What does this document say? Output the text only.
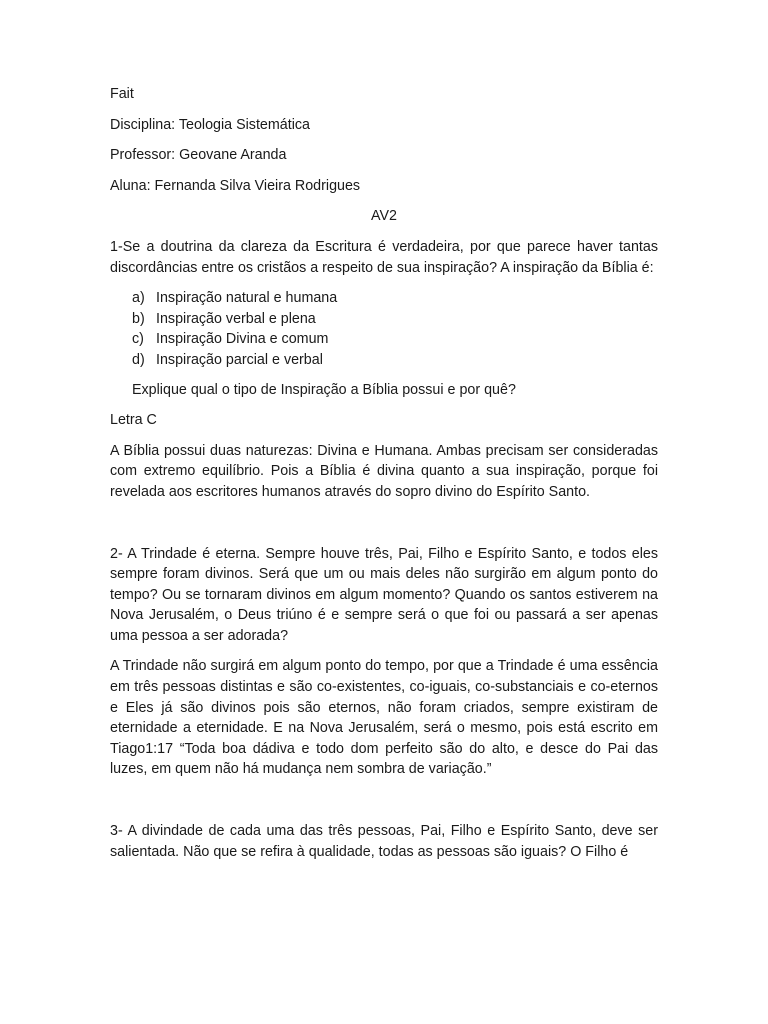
Fait

Disciplina: Teologia Sistemática

Professor: Geovane Aranda

Aluna: Fernanda Silva Vieira Rodrigues

AV2

1-Se a doutrina da clareza da Escritura é verdadeira, por que parece haver tantas discordâncias entre os cristãos a respeito de sua inspiração? A inspiração da Bíblia é:

a) Inspiração natural e humana
b) Inspiração verbal e plena
c) Inspiração Divina e comum
d) Inspiração parcial e verbal

Explique qual o tipo de Inspiração a Bíblia possui e por quê?

Letra C

A Bíblia possui duas naturezas: Divina e Humana. Ambas precisam ser consideradas com extremo equilíbrio. Pois a Bíblia é divina quanto a sua inspiração, porque foi revelada aos escritores humanos através do sopro divino do Espírito Santo.

2- A Trindade é eterna. Sempre houve três, Pai, Filho e Espírito Santo, e todos eles sempre foram divinos. Será que um ou mais deles não surgirão em algum ponto do tempo? Ou se tornaram divinos em algum momento? Quando os santos estiverem na Nova Jerusalém, o Deus triúno é e sempre será o que foi ou passará a ser apenas uma pessoa a ser adorada?

A Trindade não surgirá em algum ponto do tempo, por que a Trindade é uma essência em três pessoas distintas e são co-existentes, co-iguais, co-substanciais e co-eternos e Eles já são divinos pois são eternos, não foram criados, sempre existiram de eternidade a eternidade. E na Nova Jerusalém, será o mesmo, pois está escrito em Tiago1:17 “Toda boa dádiva e todo dom perfeito são do alto, e desce do Pai das luzes, em quem não há mudança nem sombra de variação.”

3- A divindade de cada uma das três pessoas, Pai, Filho e Espírito Santo, deve ser salientada. Não que se refira à qualidade, todas as pessoas são iguais? O Filho é
